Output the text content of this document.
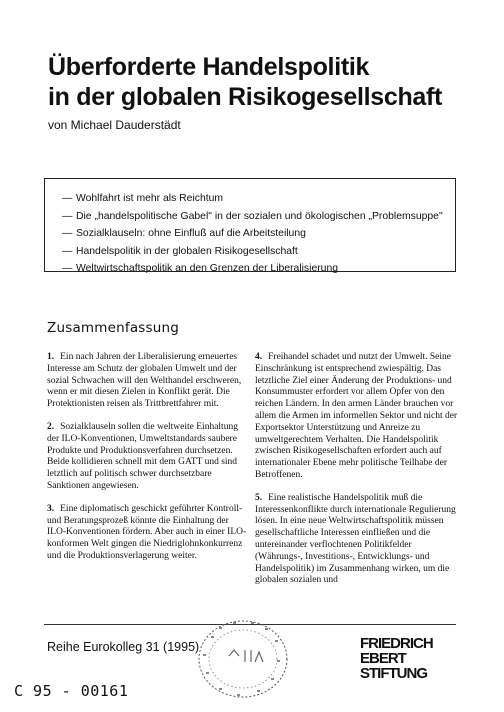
Überforderte Handelspolitik
in der globalen Risikogesellschaft
von Michael Dauderstädt
— Wohlfahrt ist mehr als Reichtum
— Die „handelspolitische Gabel" in der sozialen und ökologischen „Problemsuppe"
— Sozialklauseln: ohne Einfluß auf die Arbeitsteilung
— Handelspolitik in der globalen Risikogesellschaft
— Weltwirtschaftspolitik an den Grenzen der Liberalisierung
Zusammenfassung

1. Ein nach Jahren der Liberalisierung erneuertes Interesse am Schutz der globalen Umwelt und der sozial Schwachen will den Welthandel erschweren, wenn er mit diesen Zielen in Konflikt gerät. Die Protektionisten reisen als Trittbrettfahrer mit.

2. Sozialklauseln sollen die weltweite Einhaltung der ILO-Konventionen, Umweltstandards saubere Produkte und Produktionsverfahren durchsetzen. Beide kollidieren schnell mit dem GATT und sind letztlich auf politisch schwer durchsetzbare Sanktionen angewiesen.

3. Eine diplomatisch geschickt geführter Kontroll- und Beratungsprozeß könnte die Einhaltung der ILO-Konventionen fördern. Aber auch in einer ILO-konformen Welt gingen die Niedriglohnkonkurrenz und die Produktionsverlagerung weiter.

4. Freihandel schadet und nutzt der Umwelt. Seine Einschränkung ist entsprechend zwiespältig. Das letztliche Ziel einer Änderung der Produktions- und Konsummuster erfordert vor allem Opfer von den reichen Ländern. In den armen Länder brauchen vor allem die Armen im informellen Sektor und nicht der Exportsektor Unterstützung und Anreize zu umweltgerechtem Verhalten. Die Handelspolitik zwischen Risikogesellschaften erfordert auch auf internationaler Ebene mehr politische Teilhabe der Betroffenen.

5. Eine realistische Handelspolitik muß die Interessenkonflikte durch internationale Regulierung lösen. In eine neue Weltwirtschaftspolitik müssen gesellschaftliche Interessen einfließen und die untereinander verflochtenen Politikfelder (Währungs-, Investitions-, Entwicklungs- und Handelspolitik) im Zusammenhang wirken, um die globalen sozialen und

Reihe Eurokolleg 31 (1995)	FRIEDRICH
EBERT
STIFTUNG
C 95 - 00161
